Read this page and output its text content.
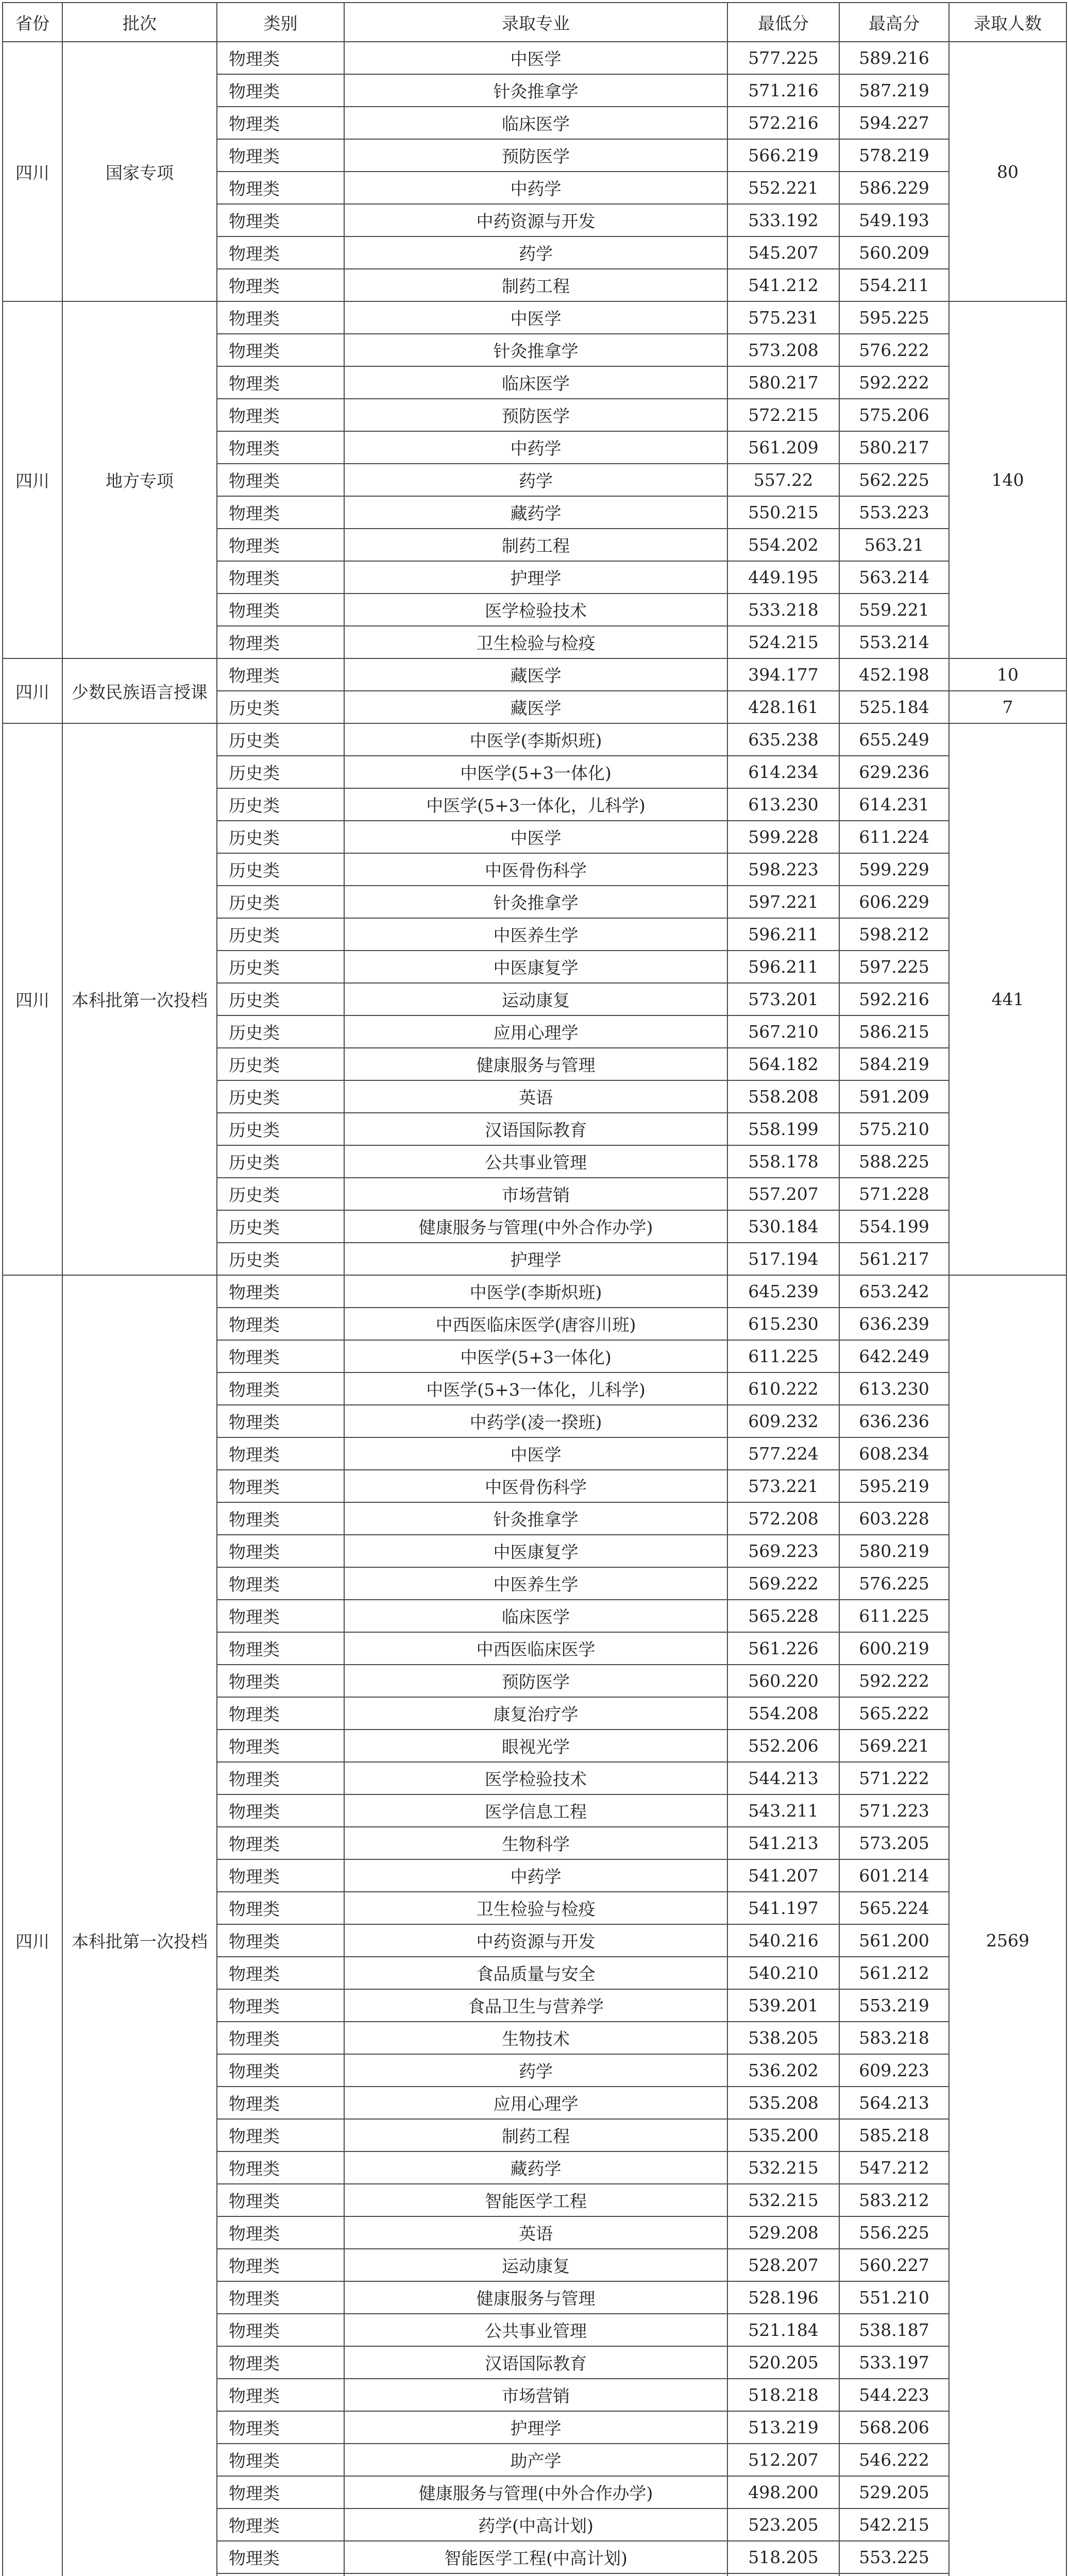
省份	批次	类别	录取专业	最低分	最高分	录取人数
四川	国家专项	物理类	中医学	577.225	589.216	80
		物理类	针灸推拿学	571.216	587.219	
		物理类	临床医学	572.216	594.227	
		物理类	预防医学	566.219	578.219	
		物理类	中药学	552.221	586.229	
		物理类	中药资源与开发	533.192	549.193	
		物理类	药学	545.207	560.209	
		物理类	制药工程	541.212	554.211	
四川	地方专项	物理类	中医学	575.231	595.225	140
		物理类	针灸推拿学	573.208	576.222	
		物理类	临床医学	580.217	592.222	
		物理类	预防医学	572.215	575.206	
		物理类	中药学	561.209	580.217	
		物理类	药学	557.22	562.225	
		物理类	藏药学	550.215	553.223	
		物理类	制药工程	554.202	563.21	
		物理类	护理学	449.195	563.214	
		物理类	医学检验技术	533.218	559.221	
		物理类	卫生检验与检疫	524.215	553.214	
四川	少数民族语言授课	物理类	藏医学	394.177	452.198	10
		历史类	藏医学	428.161	525.184	7
四川	本科批第一次投档	历史类	中医学(李斯炽班)	635.238	655.249	441
		历史类	中医学(5+3一体化)	614.234	629.236	
		历史类	中医学(5+3一体化，儿科学)	613.230	614.231	
		历史类	中医学	599.228	611.224	
		历史类	中医骨伤科学	598.223	599.229	
		历史类	针灸推拿学	597.221	606.229	
		历史类	中医养生学	596.211	598.212	
		历史类	中医康复学	596.211	597.225	
		历史类	运动康复	573.201	592.216	
		历史类	应用心理学	567.210	586.215	
		历史类	健康服务与管理	564.182	584.219	
		历史类	英语	558.208	591.209	
		历史类	汉语国际教育	558.199	575.210	
		历史类	公共事业管理	558.178	588.225	
		历史类	市场营销	557.207	571.228	
		历史类	健康服务与管理(中外合作办学)	530.184	554.199	
		历史类	护理学	517.194	561.217	
四川	本科批第一次投档	物理类	中医学(李斯炽班)	645.239	653.242	2569
		物理类	中西医临床医学(唐容川班)	615.230	636.239	
		物理类	中医学(5+3一体化)	611.225	642.249	
		物理类	中医学(5+3一体化，儿科学)	610.222	613.230	
		物理类	中药学(凌一揆班)	609.232	636.236	
		物理类	中医学	577.224	608.234	
		物理类	中医骨伤科学	573.221	595.219	
		物理类	针灸推拿学	572.208	603.228	
		物理类	中医康复学	569.223	580.219	
		物理类	中医养生学	569.222	576.225	
		物理类	临床医学	565.228	611.225	
		物理类	中西医临床医学	561.226	600.219	
		物理类	预防医学	560.220	592.222	
		物理类	康复治疗学	554.208	565.222	
		物理类	眼视光学	552.206	569.221	
		物理类	医学检验技术	544.213	571.222	
		物理类	医学信息工程	543.211	571.223	
		物理类	生物科学	541.213	573.205	
		物理类	中药学	541.207	601.214	
		物理类	卫生检验与检疫	541.197	565.224	
		物理类	中药资源与开发	540.216	561.200	
		物理类	食品质量与安全	540.210	561.212	
		物理类	食品卫生与营养学	539.201	553.219	
		物理类	生物技术	538.205	583.218	
		物理类	药学	536.202	609.223	
		物理类	应用心理学	535.208	564.213	
		物理类	制药工程	535.200	585.218	
		物理类	藏药学	532.215	547.212	
		物理类	智能医学工程	532.215	583.212	
		物理类	英语	529.208	556.225	
		物理类	运动康复	528.207	560.227	
		物理类	健康服务与管理	528.196	551.210	
		物理类	公共事业管理	521.184	538.187	
		物理类	汉语国际教育	520.205	533.197	
		物理类	市场营销	518.218	544.223	
		物理类	护理学	513.219	568.206	
		物理类	助产学	512.207	546.222	
		物理类	健康服务与管理(中外合作办学)	498.200	529.205	
		物理类	药学(中高计划)	523.205	542.215	
		物理类	智能医学工程(中高计划)	518.205	553.225	
